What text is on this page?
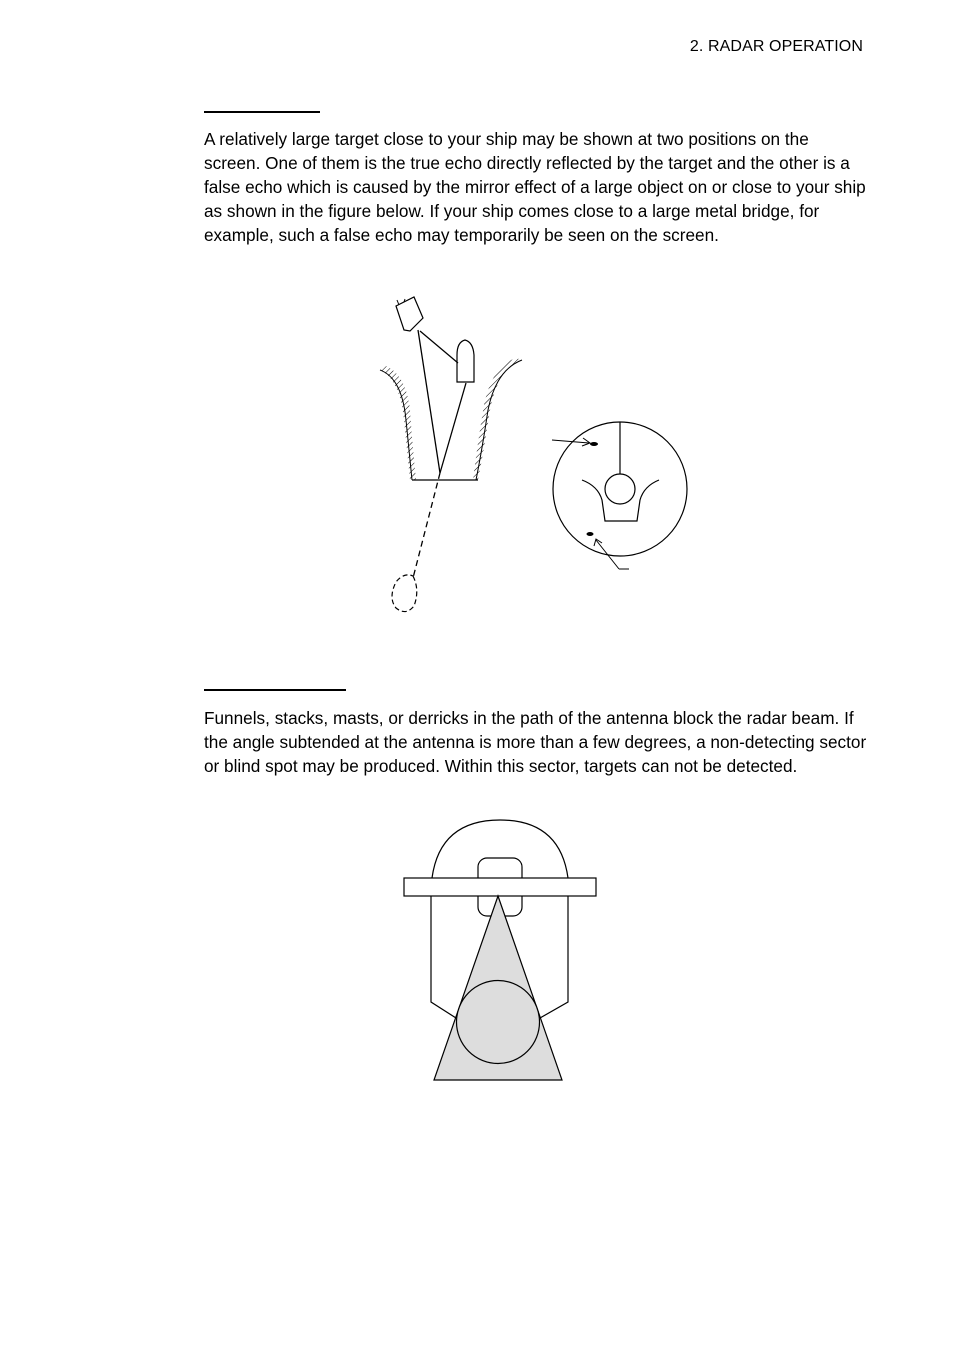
2. RADAR OPERATION
A relatively large target close to your ship may be shown at two positions on the screen. One of them is the true echo directly reflected by the target and the other is a false echo which is caused by the mirror effect of a large object on or close to your ship as shown in the figure below. If your ship comes close to a large metal bridge, for example, such a false echo may temporarily be seen on the screen.
Funnels, stacks, masts, or derricks in the path of the antenna block the radar beam. If the angle subtended at the antenna is more than a few degrees, a non-detecting sector or blind spot may be produced. Within this sector, targets can not be detected.
